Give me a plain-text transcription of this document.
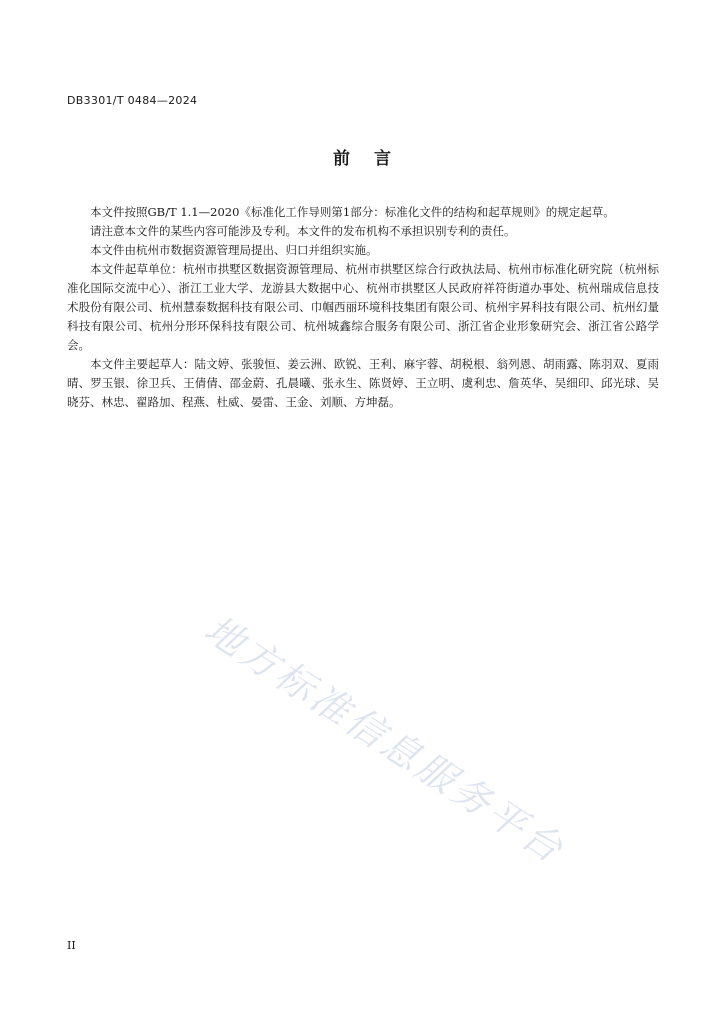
DB3301/T 0484—2024
前言

本文件按照GB/T 1.1—2020《标准化工作导则第1部分：标准化文件的结构和起草规则》的规定起草。

请注意本文件的某些内容可能涉及专利。本文件的发布机构不承担识别专利的责任。

本文件由杭州市数据资源管理局提出、归口并组织实施。

本文件起草单位：杭州市拱墅区数据资源管理局、杭州市拱墅区综合行政执法局、杭州市标准化研究院（杭州标准化国际交流中心）、浙江工业大学、龙游县大数据中心、杭州市拱墅区人民政府祥符街道办事处、杭州瑞成信息技术股份有限公司、杭州慧泰数据科技有限公司、巾帼西丽环境科技集团有限公司、杭州宇昇科技有限公司、杭州幻量科技有限公司、杭州分形环保科技有限公司、杭州城鑫综合服务有限公司、浙江省企业形象研究会、浙江省公路学会。

本文件主要起草人：陆文婷、张骏恒、姜云洲、欧锐、王利、麻宇蓉、胡税根、翁列恩、胡雨露、陈羽双、夏雨晴、罗玉银、徐卫兵、王倩倩、邵金蔚、孔晨曦、张永生、陈贤婷、王立明、虞利忠、詹英华、吴细印、邱光球、吴晓芬、林忠、翟路加、程燕、杜威、晏雷、王金、刘顺、方坤磊。

地方标准信息服务平台
II
